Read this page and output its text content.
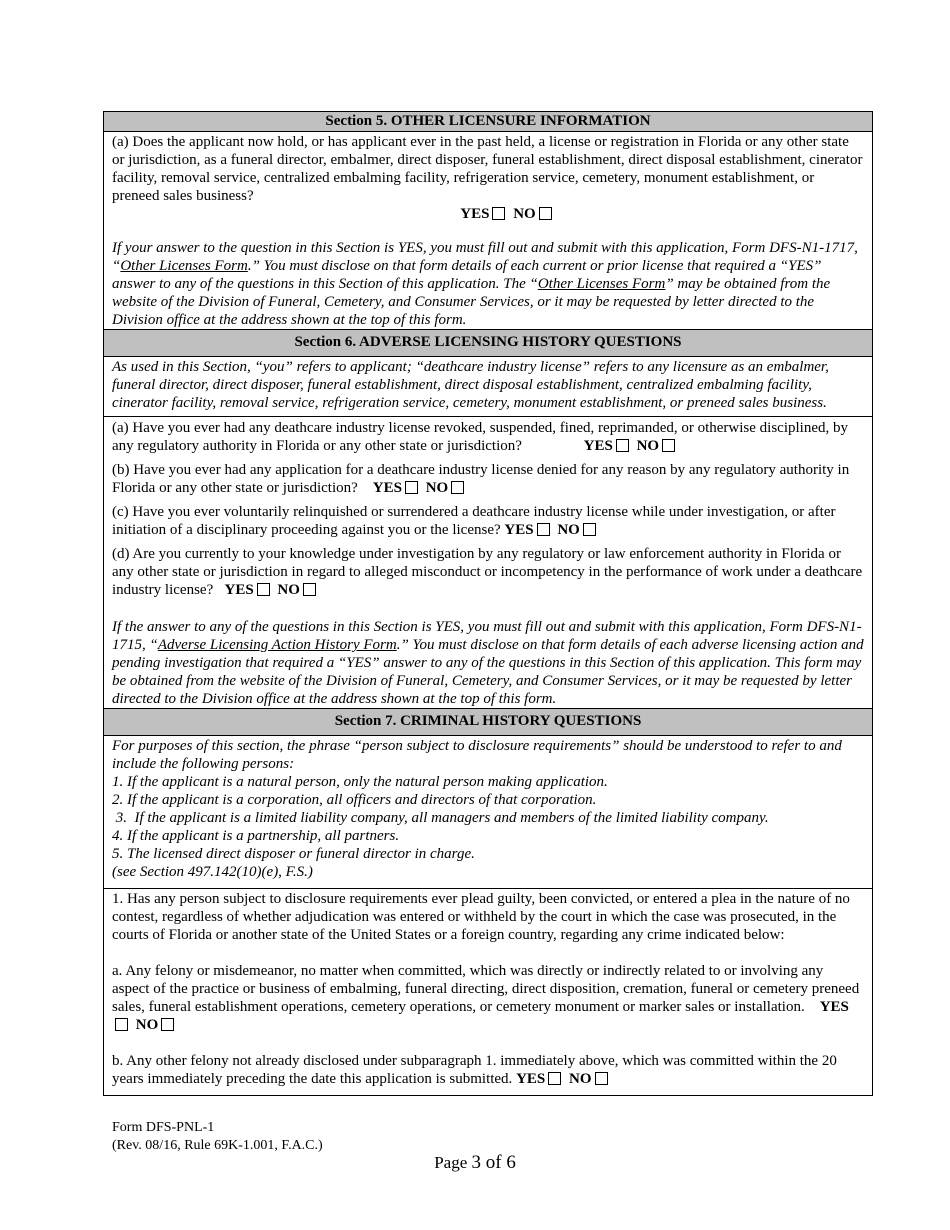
Section 5. OTHER LICENSURE INFORMATION

(a) Does the applicant now hold, or has applicant ever in the past held, a license or registration in Florida or any other state or jurisdiction, as a funeral director, embalmer, direct disposer, funeral establishment, direct disposal establishment, cinerator facility, removal service, centralized embalming facility, refrigeration service, cemetery, monument establishment, or preneed sales business?

YES NO

If your answer to the question in this Section is YES, you must fill out and submit with this application, Form DFS-N1-1717, “Other Licenses Form.” You must disclose on that form details of each current or prior license that required a “YES” answer to any of the questions in this Section of this application. The “Other Licenses Form” may be obtained from the website of the Division of Funeral, Cemetery, and Consumer Services, or it may be requested by letter directed to the Division office at the address shown at the top of this form.

Section 6. ADVERSE LICENSING HISTORY QUESTIONS

As used in this Section, “you” refers to applicant; “deathcare industry license” refers to any licensure as an embalmer, funeral director, direct disposer, funeral establishment, direct disposal establishment, centralized embalming facility, cinerator facility, removal service, refrigeration service, cemetery, monument establishment, or preneed sales business.

(a) Have you ever had any deathcare industry license revoked, suspended, fined, reprimanded, or otherwise disciplined, by any regulatory authority in Florida or any other state or jurisdiction?	YES NO

(b) Have you ever had any application for a deathcare industry license denied for any reason by any regulatory authority in Florida or any other state or jurisdiction? YES NO

(c) Have you ever voluntarily relinquished or surrendered a deathcare industry license while under investigation, or after initiation of a disciplinary proceeding against you or the license? YES NO

(d) Are you currently to your knowledge under investigation by any regulatory or law enforcement authority in Florida or any other state or jurisdiction in regard to alleged misconduct or incompetency in the performance of work under a deathcare industry license? YES NO

If the answer to any of the questions in this Section is YES, you must fill out and submit with this application, Form DFS-N1-1715, “Adverse Licensing Action History Form.” You must disclose on that form details of each adverse licensing action and pending investigation that required a “YES” answer to any of the questions in this Section of this application. This form may be obtained from the website of the Division of Funeral, Cemetery, and Consumer Services, or it may be requested by letter directed to the Division office at the address shown at the top of this form.

Section 7. CRIMINAL HISTORY QUESTIONS

For purposes of this section, the phrase “person subject to disclosure requirements” should be understood to refer to and include the following persons:

1. If the applicant is a natural person, only the natural person making application.

2. If the applicant is a corporation, all officers and directors of that corporation.

3.  If the applicant is a limited liability company, all managers and members of the limited liability company.

4. If the applicant is a partnership, all partners.

5. The licensed direct disposer or funeral director in charge.

(see Section 497.142(10)(e), F.S.)

1. Has any person subject to disclosure requirements ever plead guilty, been convicted, or entered a plea in the nature of no contest, regardless of whether adjudication was entered or withheld by the court in which the case was prosecuted, in the courts of Florida or another state of the United States or a foreign country, regarding any crime indicated below:

a. Any felony or misdemeanor, no matter when committed, which was directly or indirectly related to or involving any aspect of the practice or business of embalming, funeral directing, direct disposition, cremation, funeral or cemetery preneed sales, funeral establishment operations, cemetery operations, or cemetery monument or marker sales or installation. YES NO

b. Any other felony not already disclosed under subparagraph 1. immediately above, which was committed within the 20 years immediately preceding the date this application is submitted. YES NO

Form DFS-PNL-1
(Rev. 08/16, Rule 69K-1.001, F.A.C.)
Page 3 of 6
